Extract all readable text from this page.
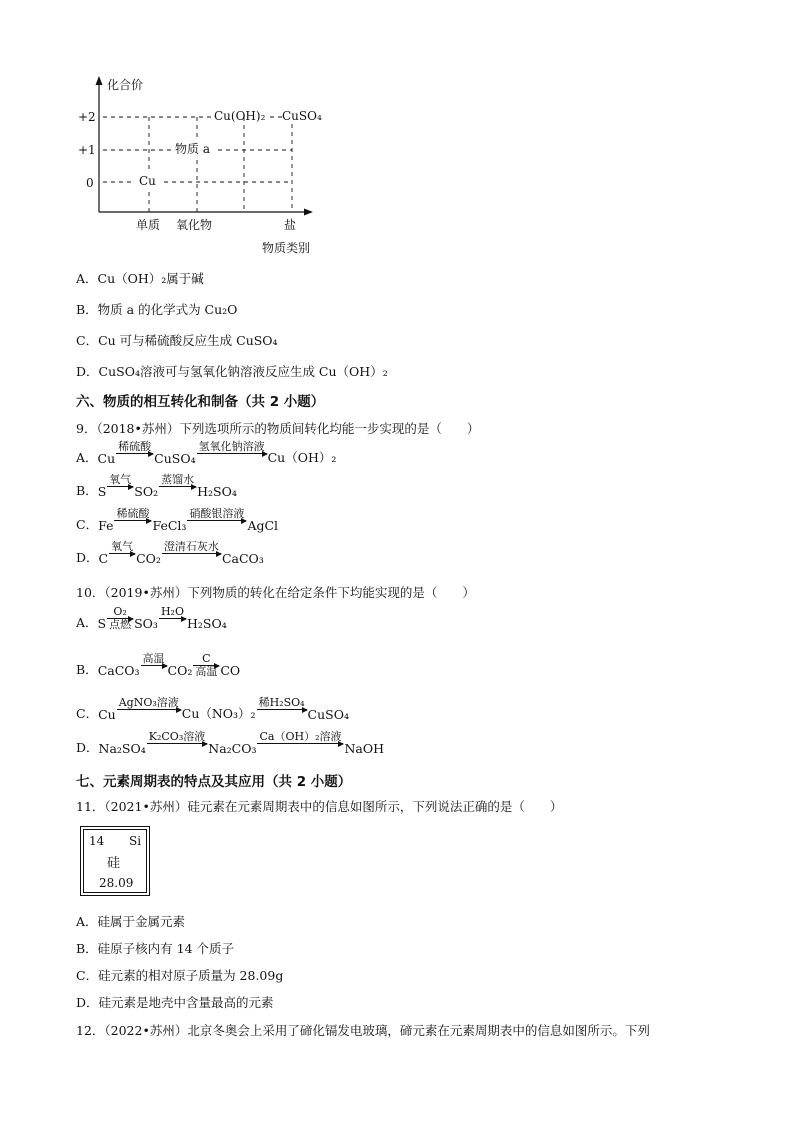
化合价
+2
+1
0	Cu
物质 a
Cu(OH)₂ CuSO₄
单质 氧化物	盐
物质类别
A．Cu（OH）₂属于碱
B．物质 a 的化学式为 Cu₂O
C．Cu 可与稀硫酸反应生成 CuSO₄
D．CuSO₄溶液可与氢氧化钠溶液反应生成 Cu（OH）₂
六、物质的相互转化和制备（共 2 小题）
9．（2018•苏州）下列选项所示的物质间转化均能一步实现的是（　　）
A． Cu
稀硫酸

CuSO₄
氢氧化钠溶液

Cu（OH）₂
B． S
氧气

SO₂
蒸馏水

H₂SO₄
C． Fe
稀硫酸

FeCl₃
硝酸银溶液

AgCl
D． C
氧气

CO₂
澄清石灰水

CaCO₃
10．（2019•苏州）下列物质的转化在给定条件下均能实现的是（　　）
A． S
O₂
点燃 SO₃
H₂O

H₂SO₄
B． CaCO₃
高温

CO₂
C
高温 CO
C． Cu
AgNO₃溶液

Cu（NO₃）₂
稀H₂SO₄

CuSO₄
D． Na₂SO₄
K₂CO₃溶液

Na₂CO₃
Ca（OH）₂溶液

NaOH
七、元素周期表的特点及其应用（共 2 小题）
11．（2021•苏州）硅元素在元素周期表中的信息如图所示，下列说法正确的是（　　）
14 Si
硅
28.09
A．硅属于金属元素
B．硅原子核内有 14 个质子
C．硅元素的相对原子质量为 28.09g
D．硅元素是地壳中含量最高的元素
12．（2022•苏州）北京冬奥会上采用了碲化镉发电玻璃，碲元素在元素周期表中的信息如图所示。下列
